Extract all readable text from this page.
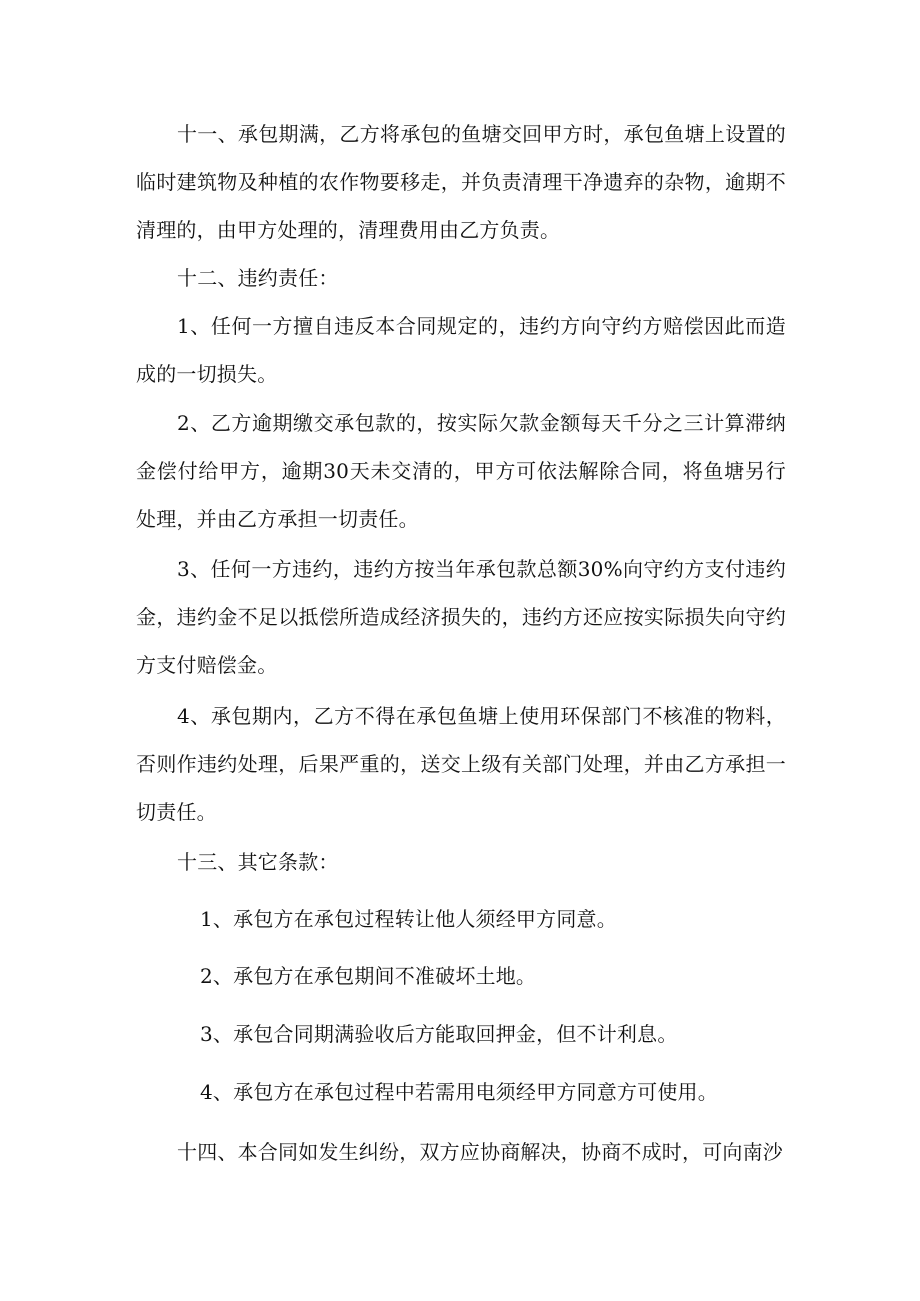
十一、承包期满，乙方将承包的鱼塘交回甲方时，承包鱼塘上设置的临时建筑物及种植的农作物要移走，并负责清理干净遗弃的杂物，逾期不清理的，由甲方处理的，清理费用由乙方负责。

十二、违约责任：

1、任何一方擅自违反本合同规定的，违约方向守约方赔偿因此而造成的一切损失。

2、乙方逾期缴交承包款的，按实际欠款金额每天千分之三计算滞纳金偿付给甲方，逾期30天未交清的，甲方可依法解除合同，将鱼塘另行处理，并由乙方承担一切责任。

3、任何一方违约，违约方按当年承包款总额30%向守约方支付违约金，违约金不足以抵偿所造成经济损失的，违约方还应按实际损失向守约方支付赔偿金。

4、承包期内，乙方不得在承包鱼塘上使用环保部门不核准的物料，否则作违约处理，后果严重的，送交上级有关部门处理，并由乙方承担一切责任。

十三、其它条款：

1、承包方在承包过程转让他人须经甲方同意。

2、承包方在承包期间不准破坏土地。

3、承包合同期满验收后方能取回押金，但不计利息。

4、承包方在承包过程中若需用电须经甲方同意方可使用。

十四、本合同如发生纠纷，双方应协商解决，协商不成时，可向南沙
